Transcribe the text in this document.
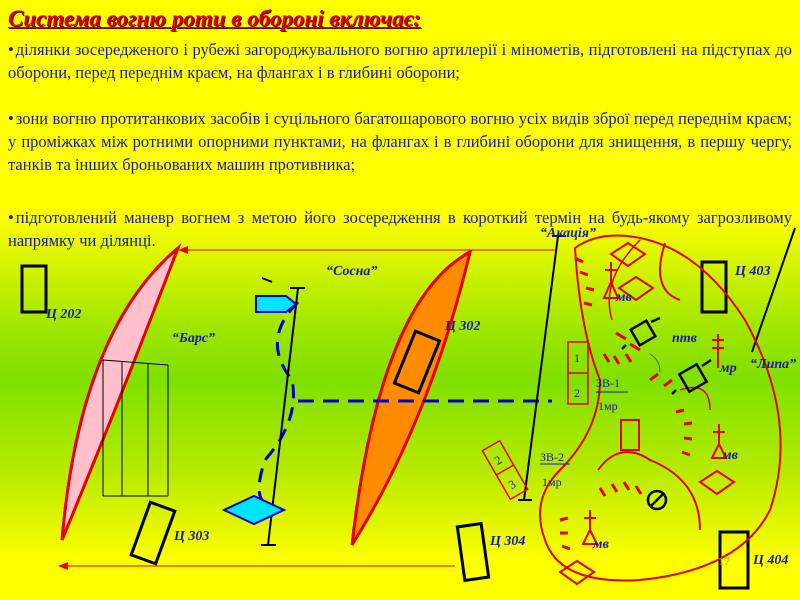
Система вогню роти в обороні включає:

• ділянки зосередженого і рубежі загороджувального вогню артилерії і мінометів, підготовлені на підступах до оборони, перед переднім краєм, на флангах і в глибині оборони;

• зони вогню протитанкових засобів і суцільного багатошарового вогню усіх видів зброї перед переднім краєм; у проміжках між ротними опорними пунктами, на флангах і в глибині оборони для знищення, в першу чергу, танків та інших броньованих машин противника;

• підготовлений маневр вогнем з метою його зосередження в короткий термін на будь-якому загрозливому напрямку чи ділянці.

1
2
2
3
Ц 202
Ц 303
Ц 302
Ц 304
Ц 403
Ц 404
“Барс”
“Сосна”
“Акація”
“Липа”
птв
мр
мв
мв
мв
ЗВ-1
ЗВ-2
1мр
1мр
17
